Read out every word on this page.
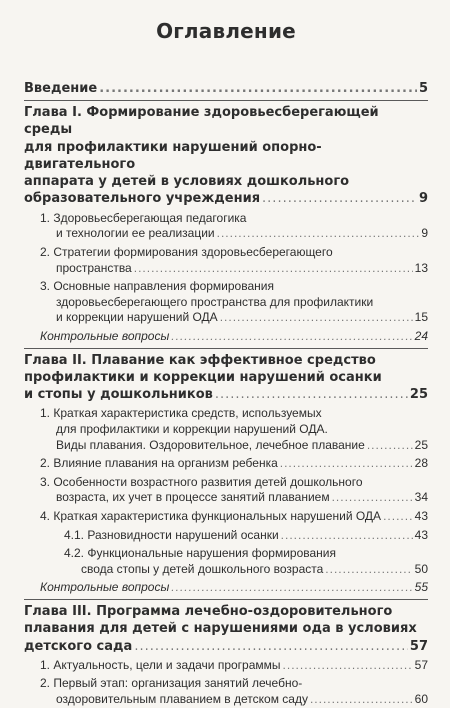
Оглавление
Введение .....	5
Глава I. Формирование здоровьесберегающей среды
для профилактики нарушений опорно-двигательного
аппарата у детей в условиях дошкольного
образовательного учреждения .....	9
1. Здоровьесберегающая педагогика
и технологии ее реализации .....	9
2. Стратегии формирования здоровьесберегающего
пространства .....	13
3. Основные направления формирования
здоровьесберегающего пространства для профилактики
и коррекции нарушений ОДА .....	15
Контрольные вопросы .....	24
Глава II. Плавание как эффективное средство
профилактики и коррекции нарушений осанки
и стопы у дошкольников .....	25
1. Краткая характеристика средств, используемых
для профилактики и коррекции нарушений ОДА.
Виды плавания. Оздоровительное, лечебное плавание .....	25
2. Влияние плавания на организм ребенка .....	28
3. Особенности возрастного развития детей дошкольного
возраста, их учет в процессе занятий плаванием .....	34
4. Краткая характеристика функциональных нарушений ОДА .....	43
4.1. Разновидности нарушений осанки .....	43
4.2. Функциональные нарушения формирования
свода стопы у детей дошкольного возраста .....	50
Контрольные вопросы .....	55
Глава III. Программа лечебно-оздоровительного
плавания для детей с нарушениями ода в условиях
детского сада .....	57
1. Актуальность, цели и задачи программы .....	57
2. Первый этап: организация занятий лечебно-
оздоровительным плаванием в детском саду .....	60
